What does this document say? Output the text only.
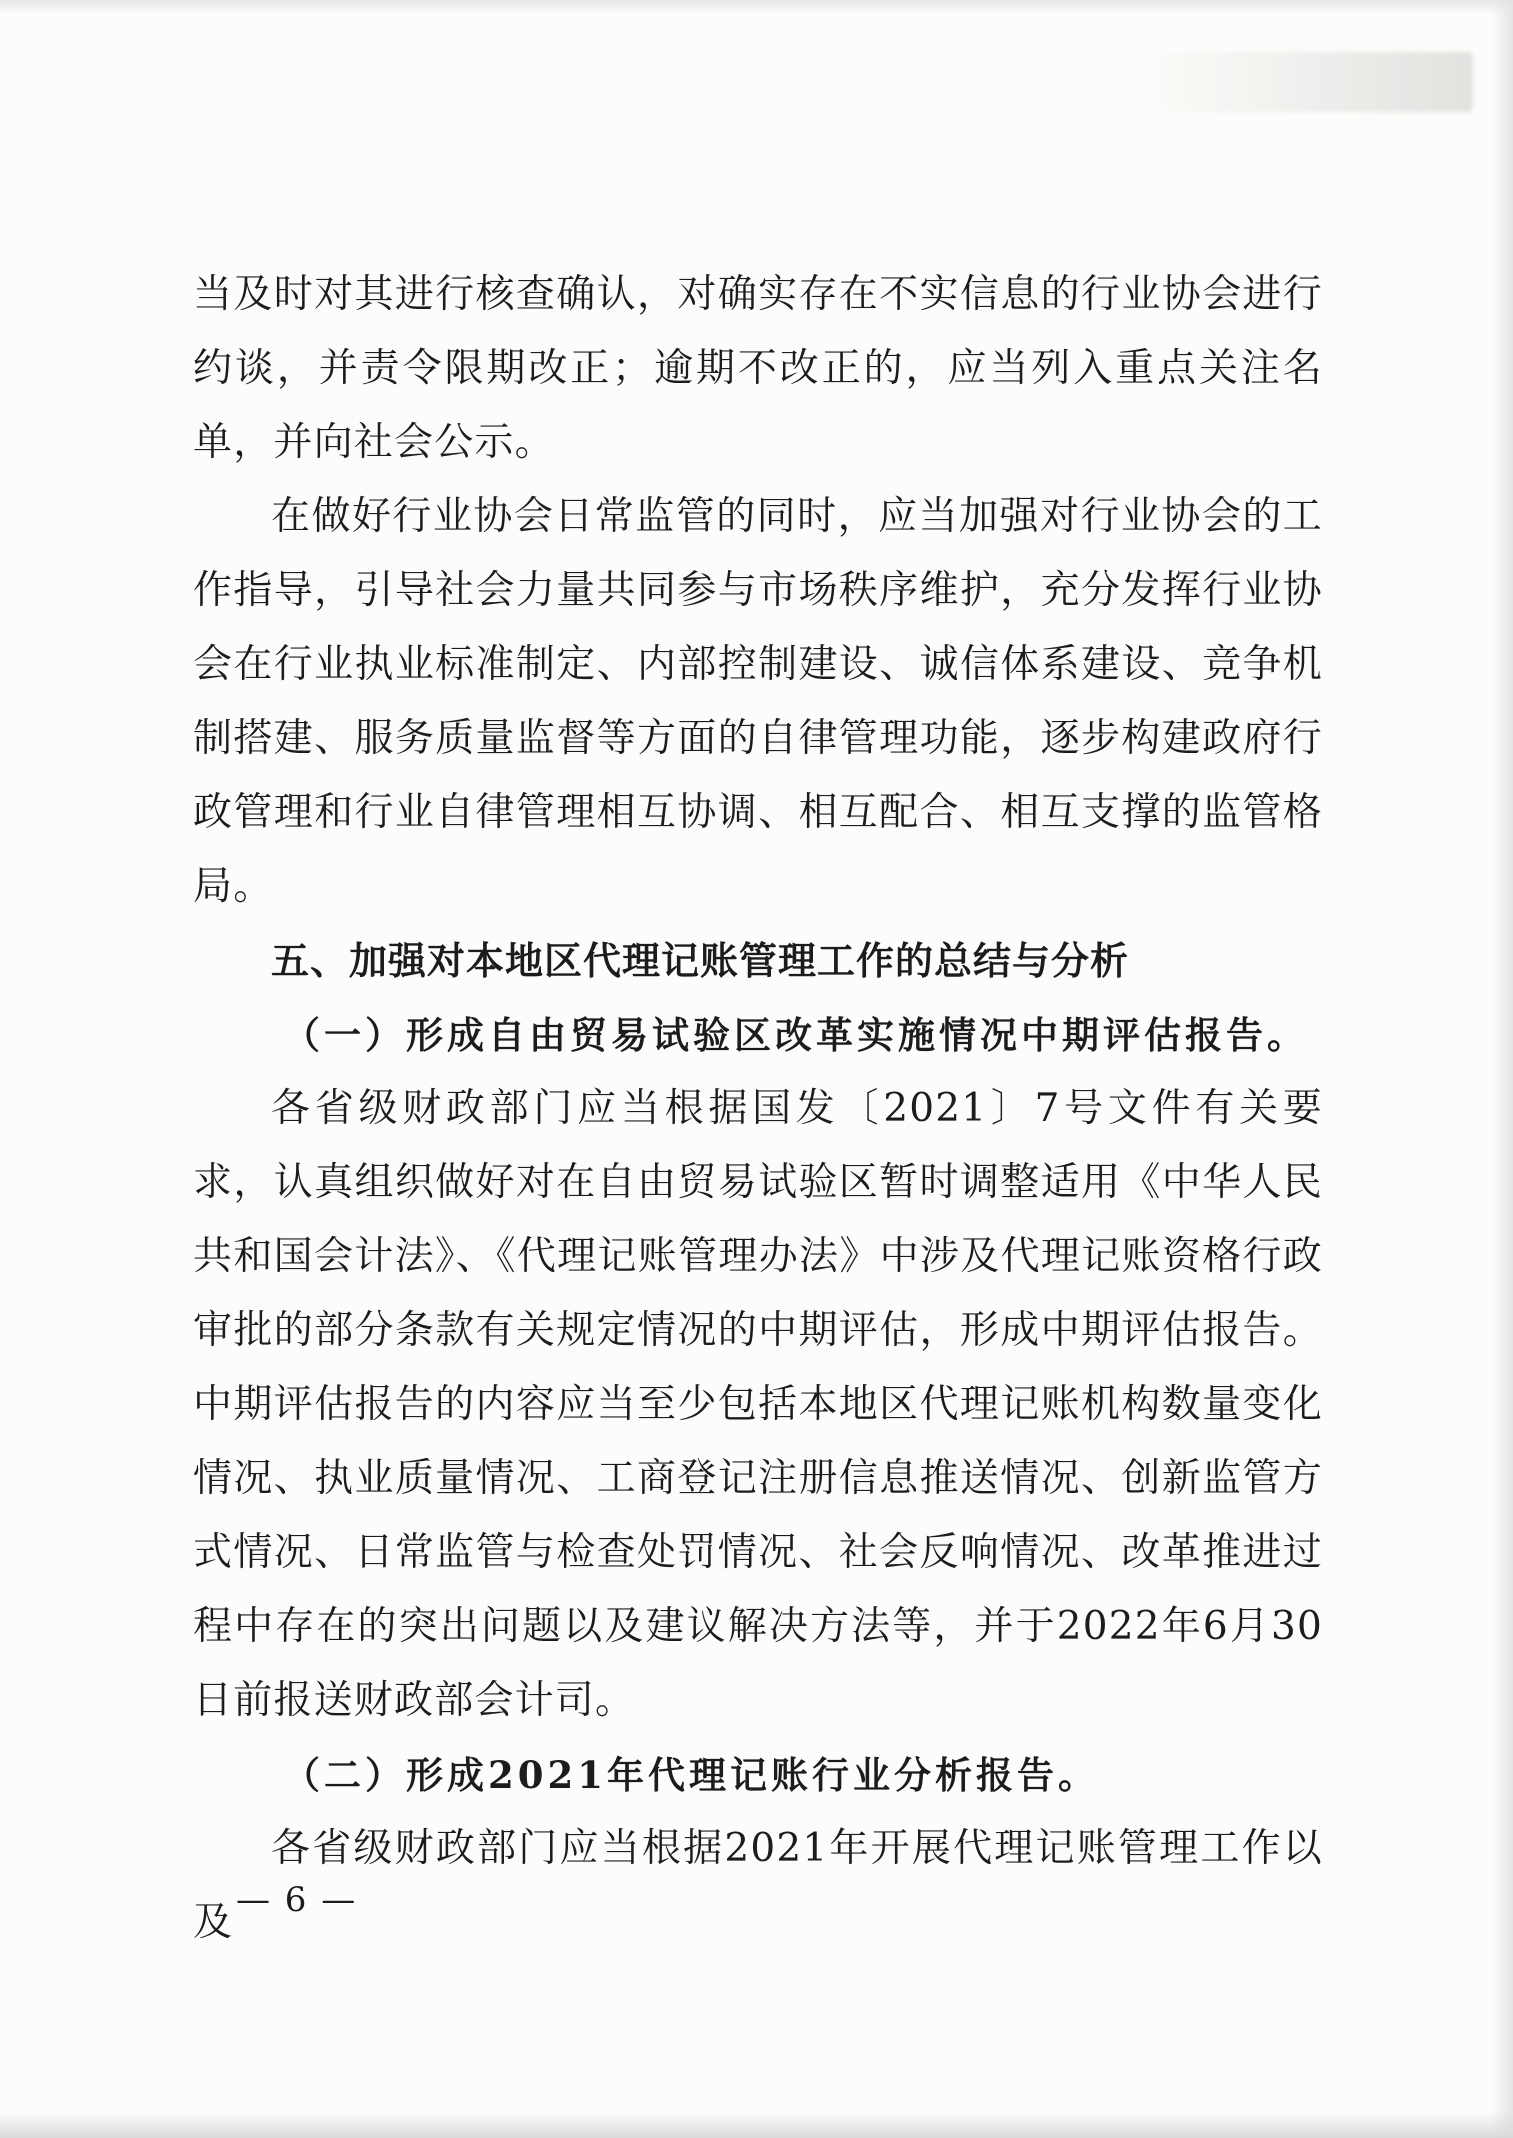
当及时对其进行核查确认，对确实存在不实信息的行业协会进行约谈，并责令限期改正；逾期不改正的，应当列入重点关注名单，并向社会公示。

在做好行业协会日常监管的同时，应当加强对行业协会的工作指导，引导社会力量共同参与市场秩序维护，充分发挥行业协会在行业执业标准制定、内部控制建设、诚信体系建设、竞争机制搭建、服务质量监督等方面的自律管理功能，逐步构建政府行政管理和行业自律管理相互协调、相互配合、相互支撑的监管格局。

五、加强对本地区代理记账管理工作的总结与分析

（一）形成自由贸易试验区改革实施情况中期评估报告。

各省级财政部门应当根据国发〔2021〕7号文件有关要求，认真组织做好对在自由贸易试验区暂时调整适用《中华人民共和国会计法》、《代理记账管理办法》中涉及代理记账资格行政审批的部分条款有关规定情况的中期评估，形成中期评估报告。中期评估报告的内容应当至少包括本地区代理记账机构数量变化情况、执业质量情况、工商登记注册信息推送情况、创新监管方式情况、日常监管与检查处罚情况、社会反响情况、改革推进过程中存在的突出问题以及建议解决方法等，并于2022年6月30日前报送财政部会计司。

（二）形成2021年代理记账行业分析报告。

各省级财政部门应当根据2021年开展代理记账管理工作以及 — 6 —
